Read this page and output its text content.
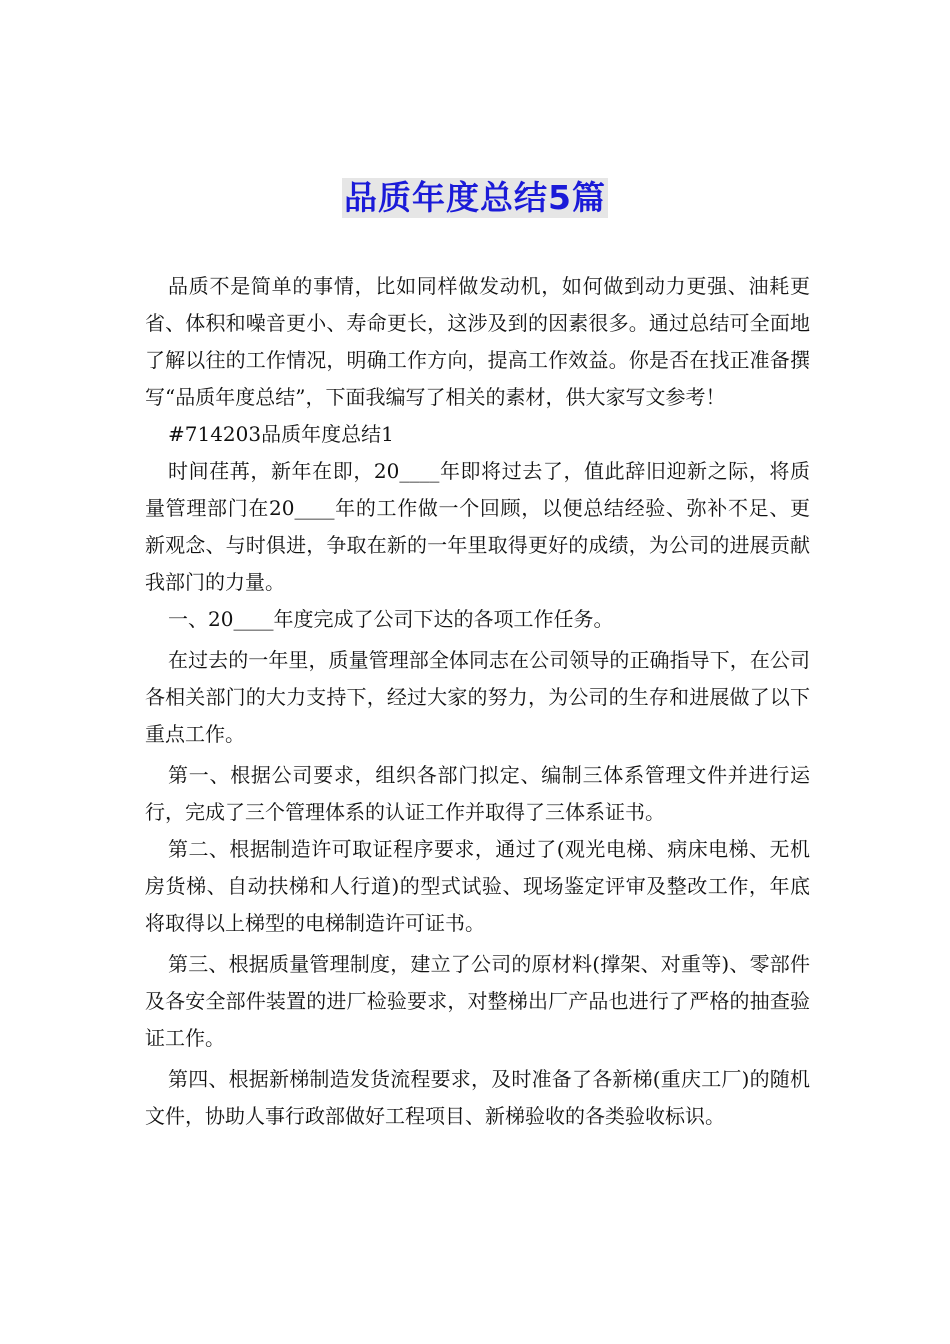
品质年度总结5篇

品质不是简单的事情，比如同样做发动机，如何做到动力更强、油耗更省、体积和噪音更小、寿命更长，这涉及到的因素很多。通过总结可全面地了解以往的工作情况，明确工作方向，提高工作效益。你是否在找正准备撰写“品质年度总结”，下面我编写了相关的素材，供大家写文参考！

#714203品质年度总结1

时间荏苒，新年在即，20____年即将过去了，值此辞旧迎新之际，将质量管理部门在20____年的工作做一个回顾，以便总结经验、弥补不足、更新观念、与时俱进，争取在新的一年里取得更好的成绩，为公司的进展贡献我部门的力量。

一、20____年度完成了公司下达的各项工作任务。

在过去的一年里，质量管理部全体同志在公司领导的正确指导下，在公司各相关部门的大力支持下，经过大家的努力，为公司的生存和进展做了以下重点工作。

第一、根据公司要求，组织各部门拟定、编制三体系管理文件并进行运行，完成了三个管理体系的认证工作并取得了三体系证书。

第二、根据制造许可取证程序要求，通过了(观光电梯、病床电梯、无机房货梯、自动扶梯和人行道)的型式试验、现场鉴定评审及整改工作，年底将取得以上梯型的电梯制造许可证书。

第三、根据质量管理制度，建立了公司的原材料(撑架、对重等)、零部件及各安全部件装置的进厂检验要求，对整梯出厂产品也进行了严格的抽查验证工作。

第四、根据新梯制造发货流程要求，及时准备了各新梯(重庆工厂)的随机文件，协助人事行政部做好工程项目、新梯验收的各类验收标识。
